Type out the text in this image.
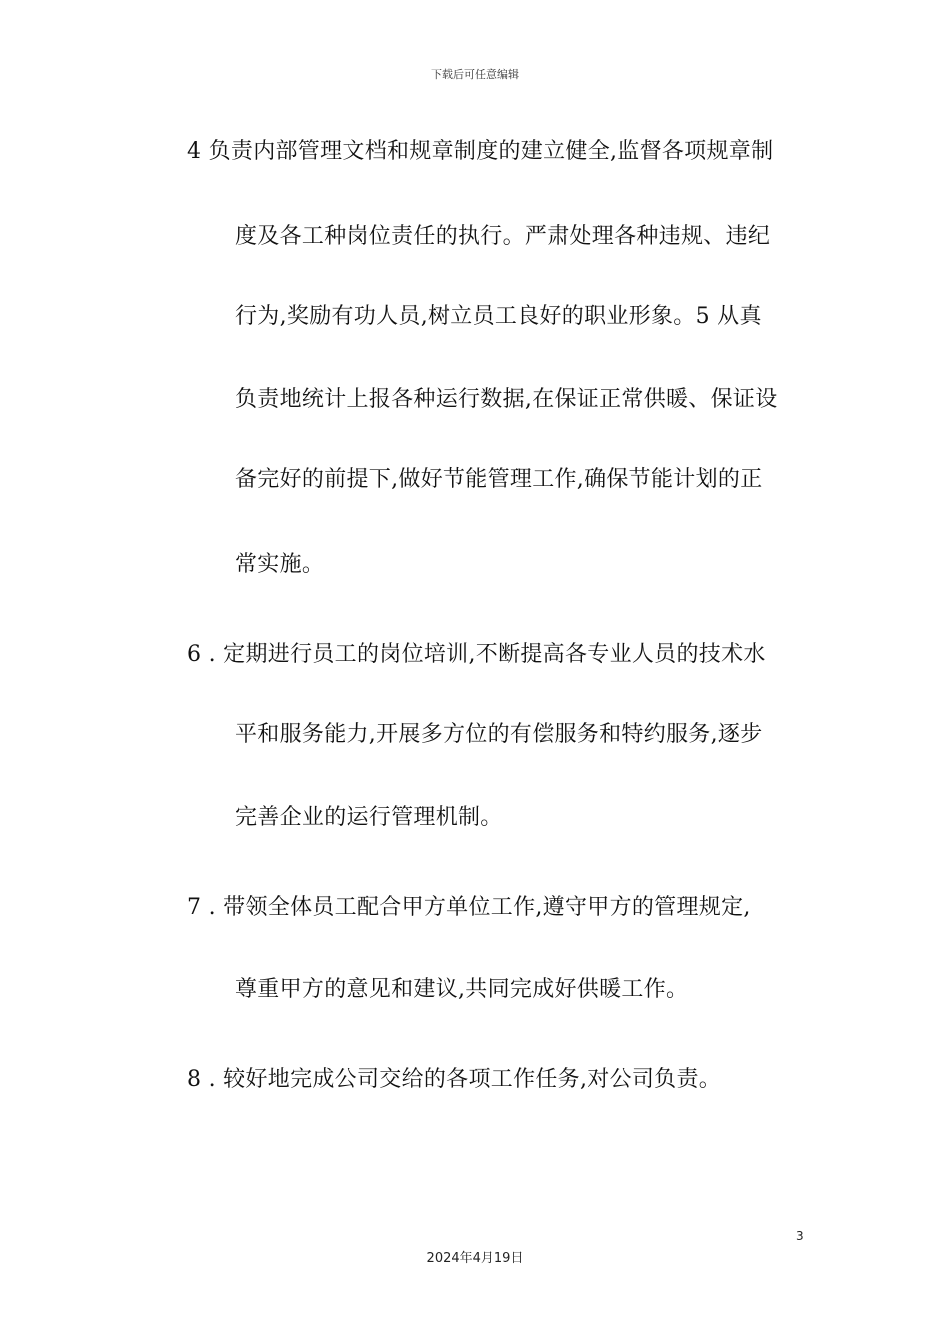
下载后可任意编辑
4 负责内部管理文档和规章制度的建立健全,监督各项规章制
度及各工种岗位责任的执行。严肃处理各种违规、违纪
行为,奖励有功人员,树立员工良好的职业形象。5 从真
负责地统计上报各种运行数据,在保证正常供暖、保证设
备完好的前提下,做好节能管理工作,确保节能计划的正
常实施。
6 . 定期进行员工的岗位培训,不断提高各专业人员的技术水
平和服务能力,开展多方位的有偿服务和特约服务,逐步
完善企业的运行管理机制。
7 . 带领全体员工配合甲方单位工作,遵守甲方的管理规定,
尊重甲方的意见和建议,共同完成好供暖工作。
8 . 较好地完成公司交给的各项工作任务,对公司负责。
3
2024年4月19日
